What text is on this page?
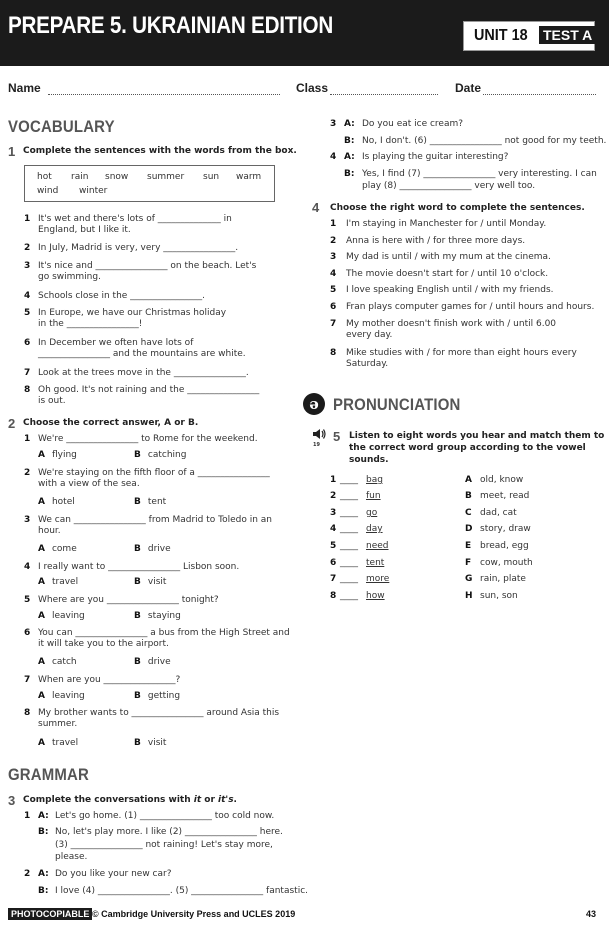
PREPARE 5. UKRAINIAN EDITION	UNIT 18 TEST A
Name	Class	Date
VOCABULARY
1 Complete the sentences with the words from the box.
hot rain snow summer sun warm
wind winter
1 It's wet and there's lots of ______________ in
England, but I like it.
2 In July, Madrid is very, very ________________.
3 It's nice and ________________ on the beach. Let's
go swimming.
4 Schools close in the ________________.
5 In Europe, we have our Christmas holiday
in the ________________!
6 In December we often have lots of
________________ and the mountains are white.
7 Look at the trees move in the ________________.
8 Oh good. It's not raining and the ________________
is out.
2 Choose the correct answer, A or B.
1 We're ________________ to Rome for the weekend.
A flying	B catching
2 We're staying on the fifth floor of a ________________
with a view of the sea.
A hotel	B tent
3 We can ________________ from Madrid to Toledo in an
hour.
A come	B drive
4 I really want to ________________ Lisbon soon.
A travel	B visit
5 Where are you ________________ tonight?
A leaving	B staying
6 You can ________________ a bus from the High Street and
it will take you to the airport.
A catch	B drive
7 When are you ________________?
A leaving	B getting
8 My brother wants to ________________ around Asia this
summer.
A travel	B visit
GRAMMAR
3 Complete the conversations with it or it's.
1 A: Let's go home. (1) ________________ too cold now.
B: No, let's play more. I like (2) ________________ here.
(3) ________________ not raining! Let's stay more,
please.
2 A: Do you like your new car?
B: I love (4) ________________. (5) ________________ fantastic.
3 A: Do you eat ice cream?
B: No, I don't. (6) ________________ not good for my teeth.
4 A: Is playing the guitar interesting?
B: Yes, I find (7) ________________ very interesting. I can
play (8) ________________ very well too.
4 Choose the right word to complete the sentences.
1 I'm staying in Manchester for / until Monday.
2 Anna is here with / for three more days.
3 My dad is until / with my mum at the cinema.
4 The movie doesn't start for / until 10 o'clock.
5 I love speaking English until / with my friends.
6 Fran plays computer games for / until hours and hours.
7 My mother doesn't finish work with / until 6.00
every day.
8 Mike studies with / for more than eight hours every
Saturday.
ə PRONUNCIATION
19
5 Listen to eight words you hear and match them to
the correct word group according to the vowel
sounds.
1 ____ bag	A old, know
2 ____ fun	B meet, read
3 ____ go	C dad, cat
4 ____ day	D story, draw
5 ____ need	E bread, egg
6 ____ tent	F cow, mouth
7 ____ more	G rain, plate
8 ____ how	H sun, son
PHOTOCOPIABLE © Cambridge University Press and UCLES 2019	43
